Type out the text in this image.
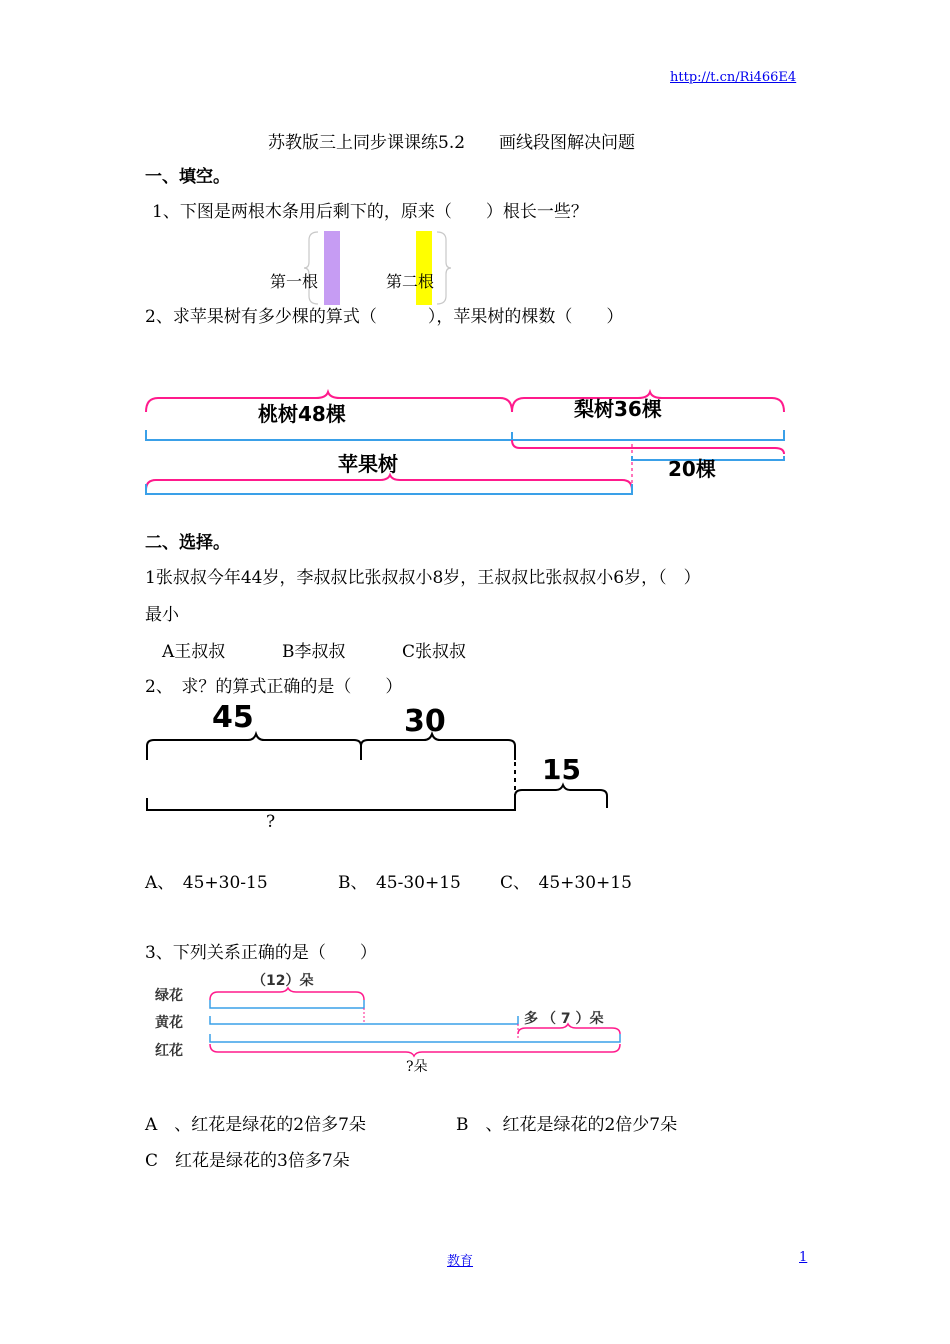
http://t.cn/Ri466E4
苏教版三上同步课课练5.2　　画线段图解决问题
一、填空。
1、下图是两根木条用后剩下的，原来（　　）根长一些？
第一根	第二根
2、求苹果树有多少棵的算式（　　　），苹果树的棵数（　　）
桃树48棵	梨树36棵
苹果树	20棵
二、选择。
1张叔叔今年44岁，李叔叔比张叔叔小8岁，王叔叔比张叔叔小6岁，（　）
最小
A王叔叔	B李叔叔	C张叔叔
2、　求？的算式正确的是（　　）
45	30
15
?
A、　45+30-15	B、　45-30+15 C、　45+30+15
3、下列关系正确的是（　　）
绿花
黄花
红花
（12）朵
多 （ 7 ）朵
?朵
A　、红花是绿花的2倍多7朵	B　、红花是绿花的2倍少7朵
C　红花是绿花的3倍多7朵
教育	1
